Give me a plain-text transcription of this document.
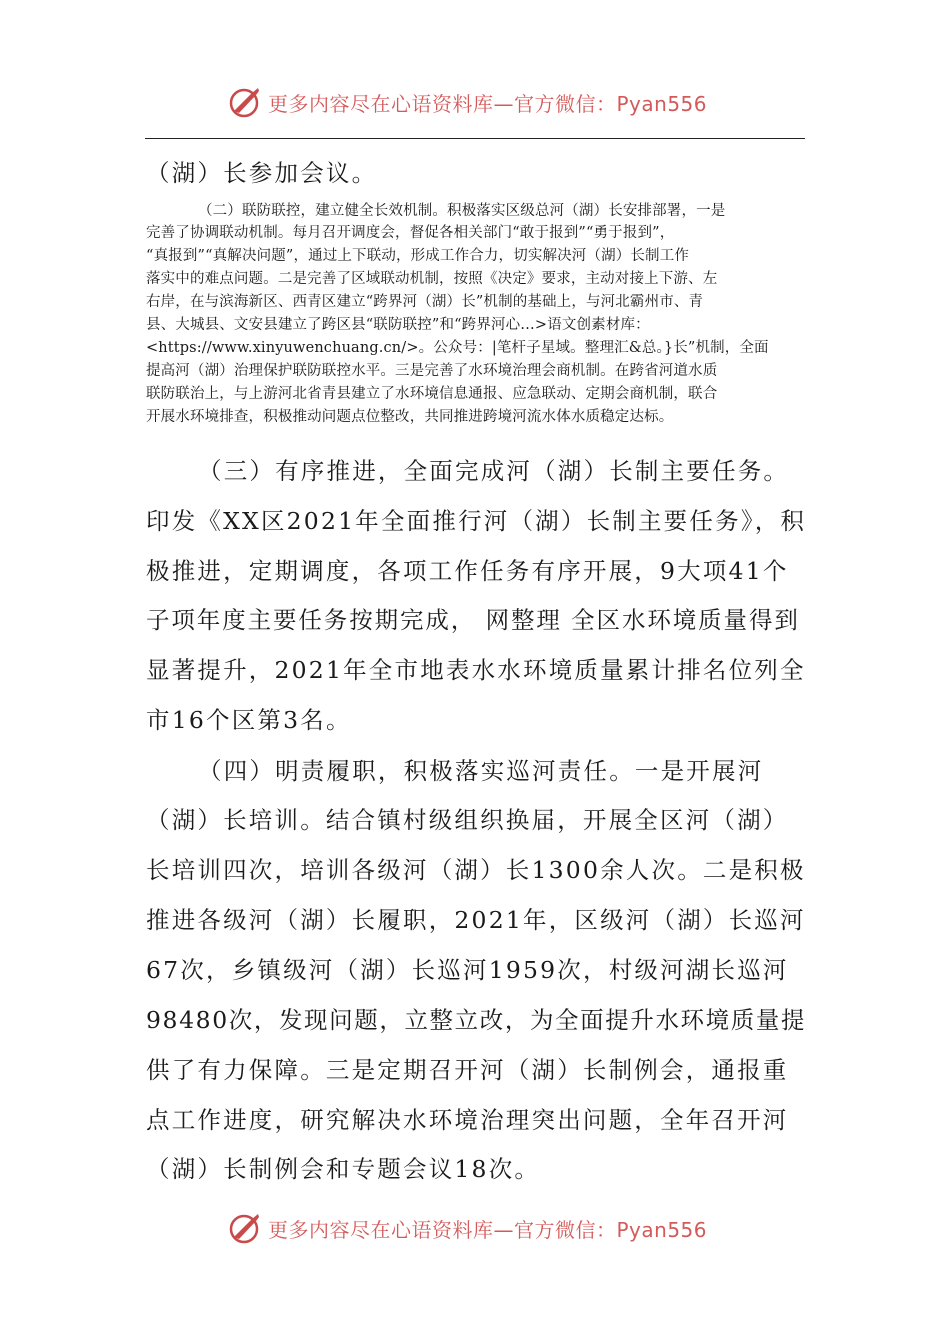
更多内容尽在心语资料库—官方微信：Pyan556
（湖）长参加会议。
（二）联防联控，建立健全长效机制。积极落实区级总河（湖）长安排部署，一是
完善了协调联动机制。每月召开调度会，督促各相关部门“敢于报到”“勇于报到”，
“真报到”“真解决问题”，通过上下联动，形成工作合力，切实解决河（湖）长制工作
落实中的难点问题。二是完善了区域联动机制，按照《决定》要求，主动对接上下游、左
右岸，在与滨海新区、西青区建立“跨界河（湖）长”机制的基础上，与河北霸州市、青
县、大城县、文安县建立了跨区县“联防联控”和“跨界河心…>语文创素材库：
<https://www.xinyuwenchuang.cn/>。公众号：|笔杆子星域。整理汇&总。}长”机制，全面
提高河（湖）治理保护联防联控水平。三是完善了水环境治理会商机制。在跨省河道水质
联防联治上，与上游河北省青县建立了水环境信息通报、应急联动、定期会商机制，联合
开展水环境排查，积极推动问题点位整改，共同推进跨境河流水体水质稳定达标。
（三）有序推进，全面完成河（湖）长制主要任务。
印发《XX区2021年全面推行河（湖）长制主要任务》，积
极推进，定期调度，各项工作任务有序开展，9大项41个
子项年度主要任务按期完成， 网整理 全区水环境质量得到
显著提升，2021年全市地表水水环境质量累计排名位列全
市16个区第3名。
（四）明责履职，积极落实巡河责任。一是开展河
（湖）长培训。结合镇村级组织换届，开展全区河（湖）
长培训四次，培训各级河（湖）长1300余人次。二是积极
推进各级河（湖）长履职，2021年，区级河（湖）长巡河
67次，乡镇级河（湖）长巡河1959次，村级河湖长巡河
98480次，发现问题，立整立改，为全面提升水环境质量提
供了有力保障。三是定期召开河（湖）长制例会，通报重
点工作进度，研究解决水环境治理突出问题，全年召开河
（湖）长制例会和专题会议18次。
更多内容尽在心语资料库—官方微信：Pyan556
